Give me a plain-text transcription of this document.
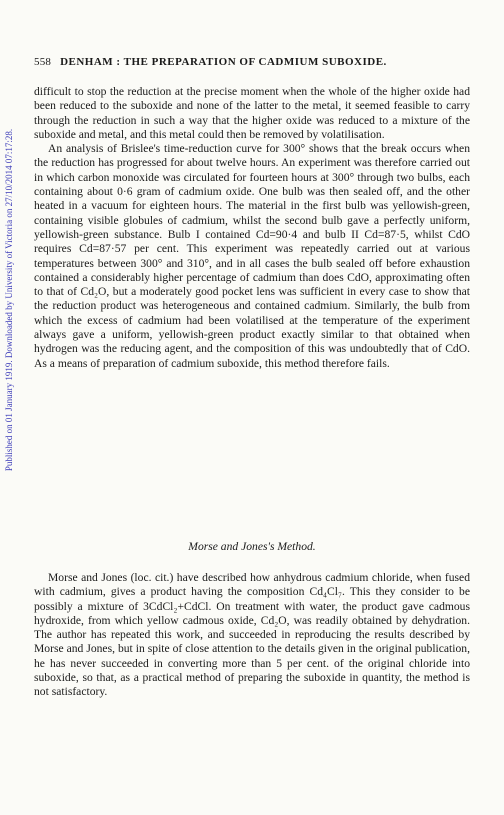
Published on 01 January 1919. Downloaded by University of Victoria on 27/10/2014 07:17:28.
558 DENHAM : THE PREPARATION OF CADMIUM SUBOXIDE.

difficult to stop the reduction at the precise moment when the whole of the higher oxide had been reduced to the suboxide and none of the latter to the metal, it seemed feasible to carry through the reduction in such a way that the higher oxide was reduced to a mixture of the suboxide and metal, and this metal could then be removed by volatilisation.

An analysis of Brislee's time-reduction curve for 300° shows that the break occurs when the reduction has progressed for about twelve hours. An experiment was therefore carried out in which carbon monoxide was circulated for fourteen hours at 300° through two bulbs, each containing about 0·6 gram of cadmium oxide. One bulb was then sealed off, and the other heated in a vacuum for eighteen hours. The material in the first bulb was yellowish-green, containing visible globules of cadmium, whilst the second bulb gave a perfectly uniform, yellowish-green substance. Bulb I contained Cd=90·4 and bulb II Cd=87·5, whilst CdO requires Cd=87·57 per cent. This experiment was repeatedly carried out at various temperatures between 300° and 310°, and in all cases the bulb sealed off before exhaustion contained a considerably higher percentage of cadmium than does CdO, approximating often to that of Cd₂O, but a moderately good pocket lens was sufficient in every case to show that the reduction product was heterogeneous and contained cadmium. Similarly, the bulb from which the excess of cadmium had been volatilised at the temperature of the experiment always gave a uniform, yellowish-green product exactly similar to that obtained when hydrogen was the reducing agent, and the composition of this was undoubtedly that of CdO. As a means of preparation of cadmium suboxide, this method therefore fails.

Morse and Jones's Method.

Morse and Jones (loc. cit.) have described how anhydrous cadmium chloride, when fused with cadmium, gives a product having the composition Cd₄Cl₇. This they consider to be possibly a mixture of 3CdCl₂+CdCl. On treatment with water, the product gave cadmous hydroxide, from which yellow cadmous oxide, Cd₂O, was readily obtained by dehydration. The author has repeated this work, and succeeded in reproducing the results described by Morse and Jones, but in spite of close attention to the details given in the original publication, he has never succeeded in converting more than 5 per cent. of the original chloride into suboxide, so that, as a practical method of preparing the suboxide in quantity, the method is not satisfactory.
